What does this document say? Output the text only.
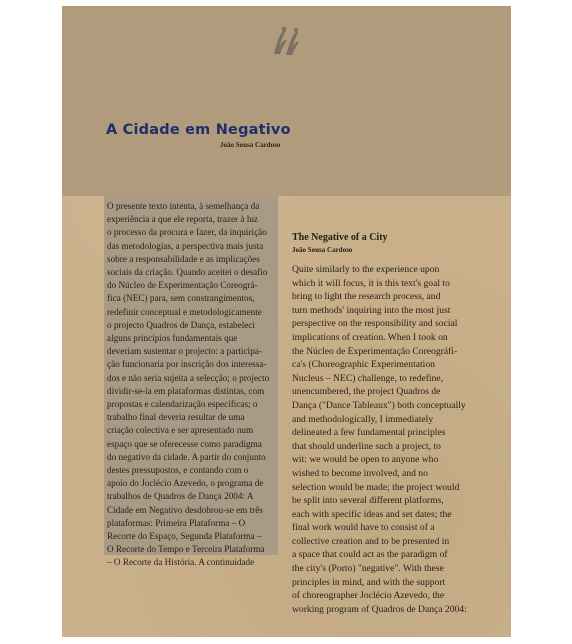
A Cidade em Negativo
João Sousa Cardoso
O presente texto intenta, à semelhança da
experiência a que ele reporta, trazer à luz
o processo da procura e fazer, da inquirição
das metodologias, a perspectiva mais justa
sobre a responsabilidade e as implicações
sociais da criação. Quando aceitei o desafio
do Núcleo de Experimentação Coreográ-
fica (NEC) para, sem constrangimentos,
redefinir conceptual e metodologicamente
o projecto Quadros de Dança, estabeleci
alguns princípios fundamentais que
deveriam sustentar o projecto: a participa-
ção funcionaria por inscrição dos interessa-
dos e não seria sujeita a selecção; o projecto
dividir-se-ia em plataformas distintas, com
propostas e calendarização específicas; o
trabalho final deveria resultar de uma
criação colectiva e ser apresentado num
espaço que se oferecesse como paradigma
do negativo da cidade. A partir do conjunto
destes pressupostos, e contando com o
apoio do Joclécio Azevedo, o programa de
trabalhos de Quadros de Dança 2004: A
Cidade em Negativo desdobrou-se em três
plataformas: Primeira Plataforma – O
Recorte do Espaço, Segunda Plataforma –
O Recorte do Tempo e Terceira Plataforma
– O Recorte da História. A continuidade
The Negative of a City
João Sousa Cardoso
Quite similarly to the experience upon
which it will focus, it is this text's goal to
bring to light the research process, and
turn methods' inquiring into the most just
perspective on the responsibility and social
implications of creation. When I took on
the Núcleo de Experimentação Coreográfi-
ca's (Choreographic Experimentation
Nucleus – NEC) challenge, to redefine,
unencumbered, the project Quadros de
Dança ("Dance Tableaux") both conceptually
and methodologically, I immediately
delineated a few fundamental principles
that should underline such a project, to
wit: we would be open to anyone who
wished to become involved, and no
selection would be made; the project would
be split into several different platforms,
each with specific ideas and set dates; the
final work would have to consist of a
collective creation and to be presented in
a space that could act as the paradigm of
the city's (Porto) "negative". With these
principles in mind, and with the support
of choreographer Joclécio Azevedo, the
working program of Quadros de Dança 2004:
